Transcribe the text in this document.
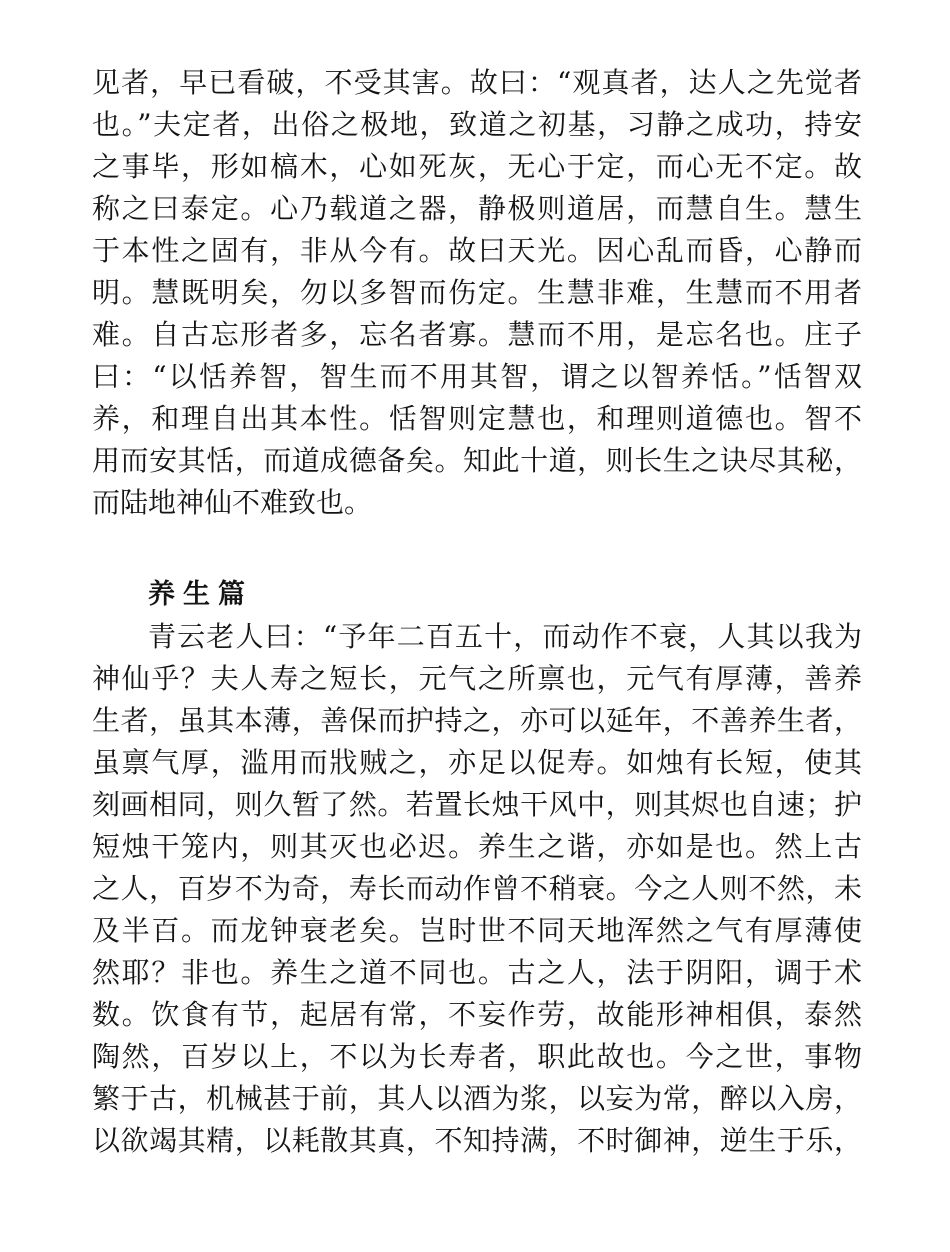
见者，早已看破，不受其害。故曰：“观真者，达人之先觉者
也。”夫定者，出俗之极地，致道之初基，习静之成功，持安
之事毕，形如槁木，心如死灰，无心于定，而心无不定。故
称之曰泰定。心乃载道之器，静极则道居，而慧自生。慧生
于本性之固有，非从今有。故曰天光。因心乱而昏，心静而
明。慧既明矣，勿以多智而伤定。生慧非难，生慧而不用者
难。自古忘形者多，忘名者寡。慧而不用，是忘名也。庄子
曰：“以恬养智，智生而不用其智，谓之以智养恬。”恬智双
养，和理自出其本性。恬智则定慧也，和理则道德也。智不
用而安其恬，而道成德备矣。知此十道，则长生之诀尽其秘，
而陆地神仙不难致也。
养生篇
青云老人曰：“予年二百五十，而动作不衰，人其以我为
神仙乎？夫人寿之短长，元气之所禀也，元气有厚薄，善养
生者，虽其本薄，善保而护持之，亦可以延年，不善养生者，
虽禀气厚，滥用而戕贼之，亦足以促寿。如烛有长短，使其
刻画相同，则久暂了然。若置长烛干风中，则其烬也自速；护
短烛干笼内，则其灭也必迟。养生之谐，亦如是也。然上古
之人，百岁不为奇，寿长而动作曾不稍衰。今之人则不然，未
及半百。而龙钟衰老矣。岂时世不同天地浑然之气有厚薄使
然耶？非也。养生之道不同也。古之人，法于阴阳，调于术
数。饮食有节，起居有常，不妄作劳，故能形神相俱，泰然
陶然，百岁以上，不以为长寿者，职此故也。今之世，事物
繁于古，机械甚于前，其人以酒为浆，以妄为常，醉以入房，
以欲竭其精，以耗散其真，不知持满，不时御神，逆生于乐，
